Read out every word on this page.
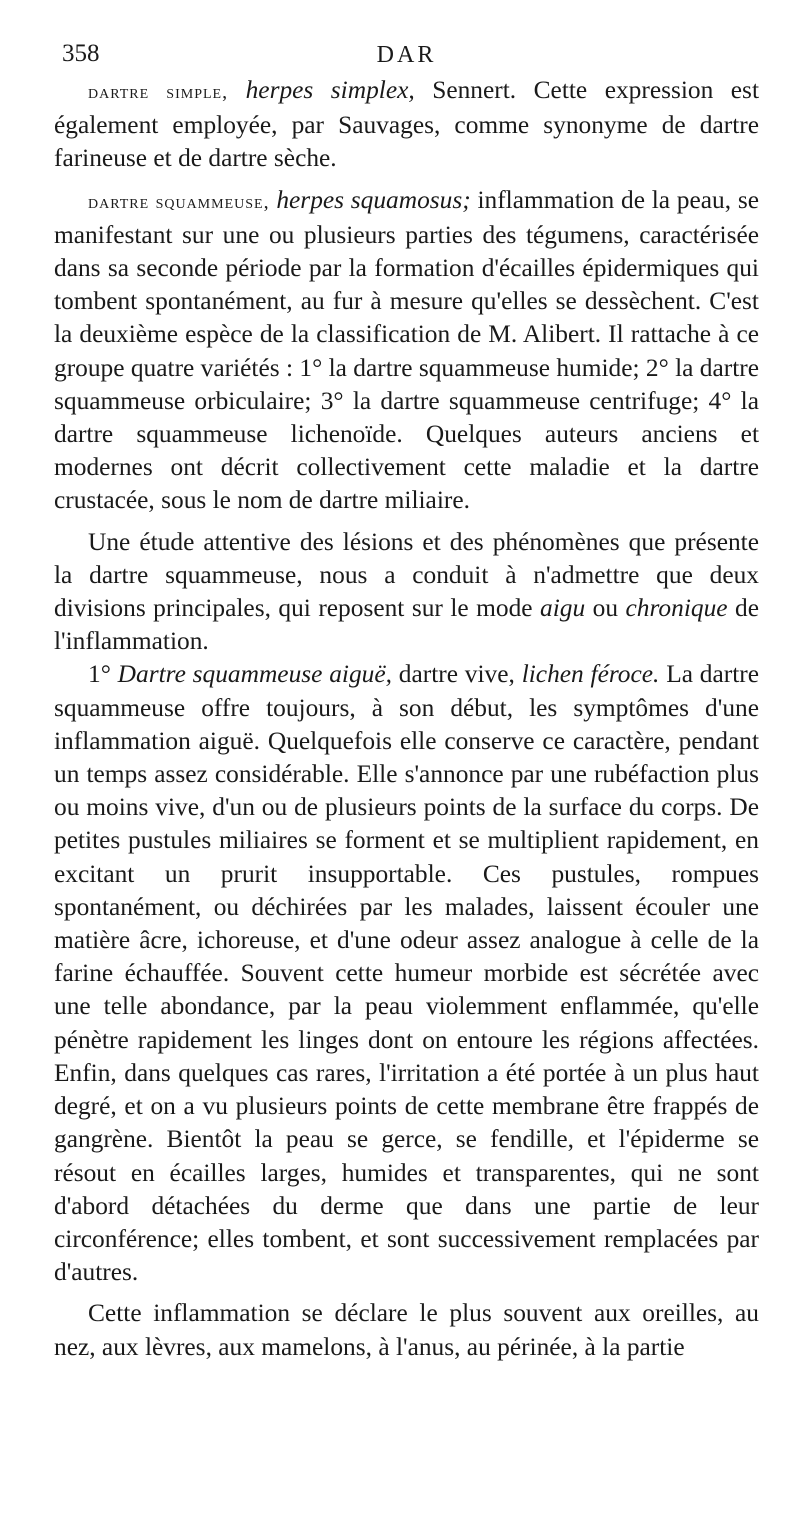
358	DAR

dartre simple, herpes simplex, Sennert. Cette expression est également employée, par Sauvages, comme synonyme de dartre farineuse et de dartre sèche.

dartre squammeuse, herpes squamosus; inflammation de la peau, se manifestant sur une ou plusieurs parties des tégumens, caractérisée dans sa seconde période par la formation d'écailles épidermiques qui tombent spontanément, au fur à mesure qu'elles se dessèchent. C'est la deuxième espèce de la classification de M. Alibert. Il rattache à ce groupe quatre variétés : 1° la dartre squammeuse humide; 2° la dartre squammeuse orbiculaire; 3° la dartre squammeuse centrifuge; 4° la dartre squammeuse lichenoïde. Quelques auteurs anciens et modernes ont décrit collectivement cette maladie et la dartre crustacée, sous le nom de dartre miliaire.

Une étude attentive des lésions et des phénomènes que présente la dartre squammeuse, nous a conduit à n'admettre que deux divisions principales, qui reposent sur le mode aigu ou chronique de l'inflammation.

1° Dartre squammeuse aiguë, dartre vive, lichen féroce. La dartre squammeuse offre toujours, à son début, les symptômes d'une inflammation aiguë. Quelquefois elle conserve ce caractère, pendant un temps assez considérable. Elle s'annonce par une rubéfaction plus ou moins vive, d'un ou de plusieurs points de la surface du corps. De petites pustules miliaires se forment et se multiplient rapidement, en excitant un prurit insupportable. Ces pustules, rompues spontanément, ou déchirées par les malades, laissent écouler une matière âcre, ichoreuse, et d'une odeur assez analogue à celle de la farine échauffée. Souvent cette humeur morbide est sécrétée avec une telle abondance, par la peau violemment enflammée, qu'elle pénètre rapidement les linges dont on entoure les régions affectées. Enfin, dans quelques cas rares, l'irritation a été portée à un plus haut degré, et on a vu plusieurs points de cette membrane être frappés de gangrène. Bientôt la peau se gerce, se fendille, et l'épiderme se résout en écailles larges, humides et transparentes, qui ne sont d'abord détachées du derme que dans une partie de leur circonférence; elles tombent, et sont successivement remplacées par d'autres.

Cette inflammation se déclare le plus souvent aux oreilles, au nez, aux lèvres, aux mamelons, à l'anus, au périnée, à la partie
